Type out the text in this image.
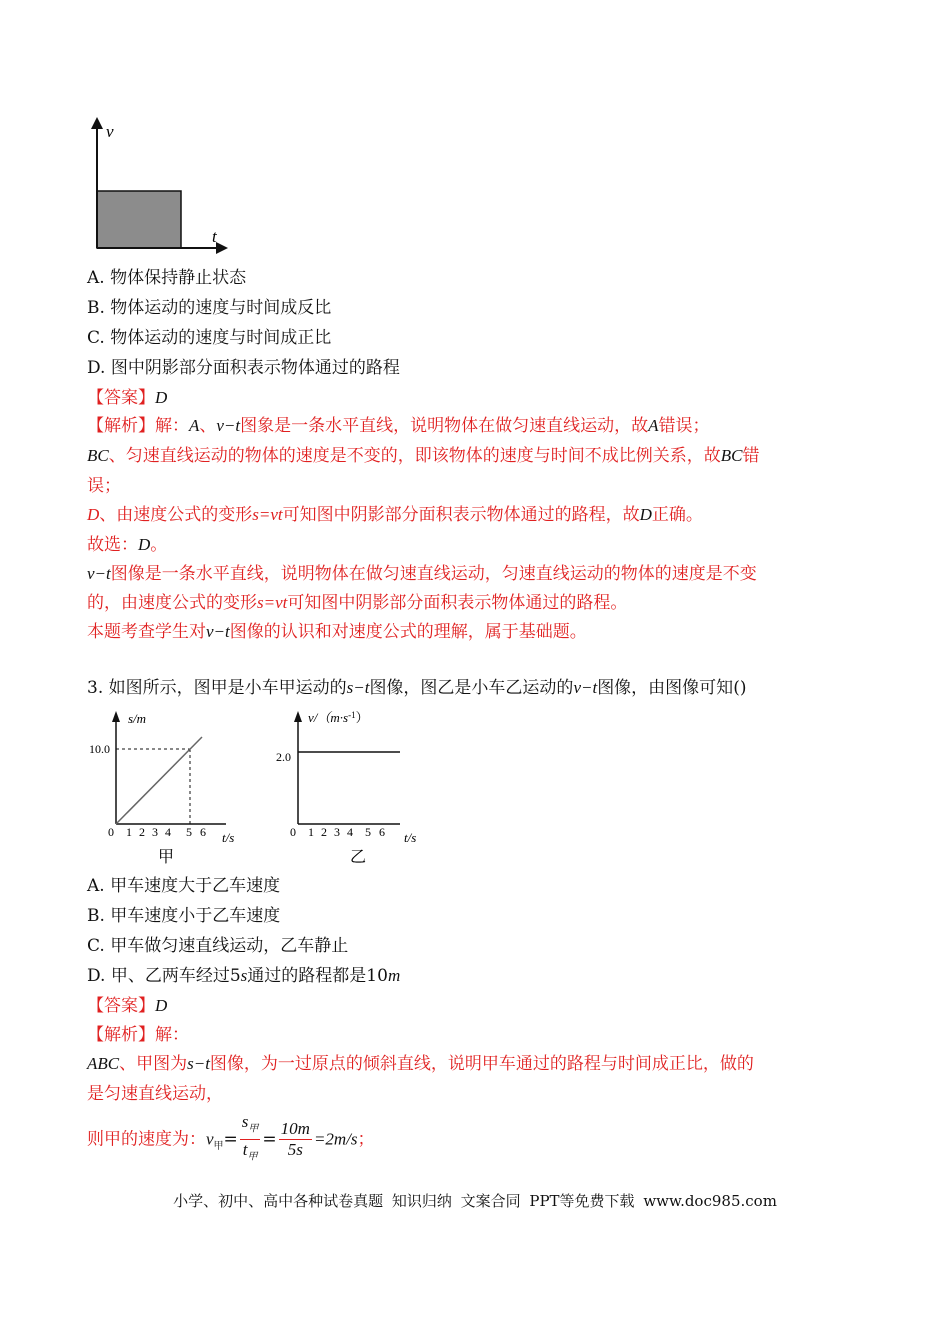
v
t
A. 物体保持静止状态
B. 物体运动的速度与时间成反比
C. 物体运动的速度与时间成正比
D. 图中阴影部分面积表示物体通过的路程
【答案】D
【解析】解：A、v−t图象是一条水平直线，说明物体在做匀速直线运动，故A错误；
BC、匀速直线运动的物体的速度是不变的，即该物体的速度与时间不成比例关系，故BC错
误；
D、由速度公式的变形s=vt可知图中阴影部分面积表示物体通过的路程，故D正确。
故选：D。
v−t图像是一条水平直线，说明物体在做匀速直线运动，匀速直线运动的物体的速度是不变
的，由速度公式的变形s=vt可知图中阴影部分面积表示物体通过的路程。
本题考查学生对v−t图像的认识和对速度公式的理解，属于基础题。
3. 如图所示，图甲是小车甲运动的s−t图像，图乙是小车乙运动的v−t图像，由图像可知()
s/m
10.0
0 1 2 3 4 5 6 t/s
甲
$v/(m\cdot s^{-1})$
2.0
0 1 2 3 4 5 6 t/s
乙
A. 甲车速度大于乙车速度
B. 甲车速度小于乙车速度
C. 甲车做匀速直线运动，乙车静止
D. 甲、乙两车经过5s通过的路程都是10m
【答案】D
【解析】解：
ABC、甲图为s−t图像，为一过原点的倾斜直线，说明甲车通过的路程与时间成正比，做的
是匀速直线运动，
则甲的速度为：$v_甲= \frac{s_甲}{t_甲} = \frac{10m}{5s} =2m/s$；
小学、初中、高中各种试卷真题 知识归纳 文案合同 PPT等免费下载 www.doc985.com
